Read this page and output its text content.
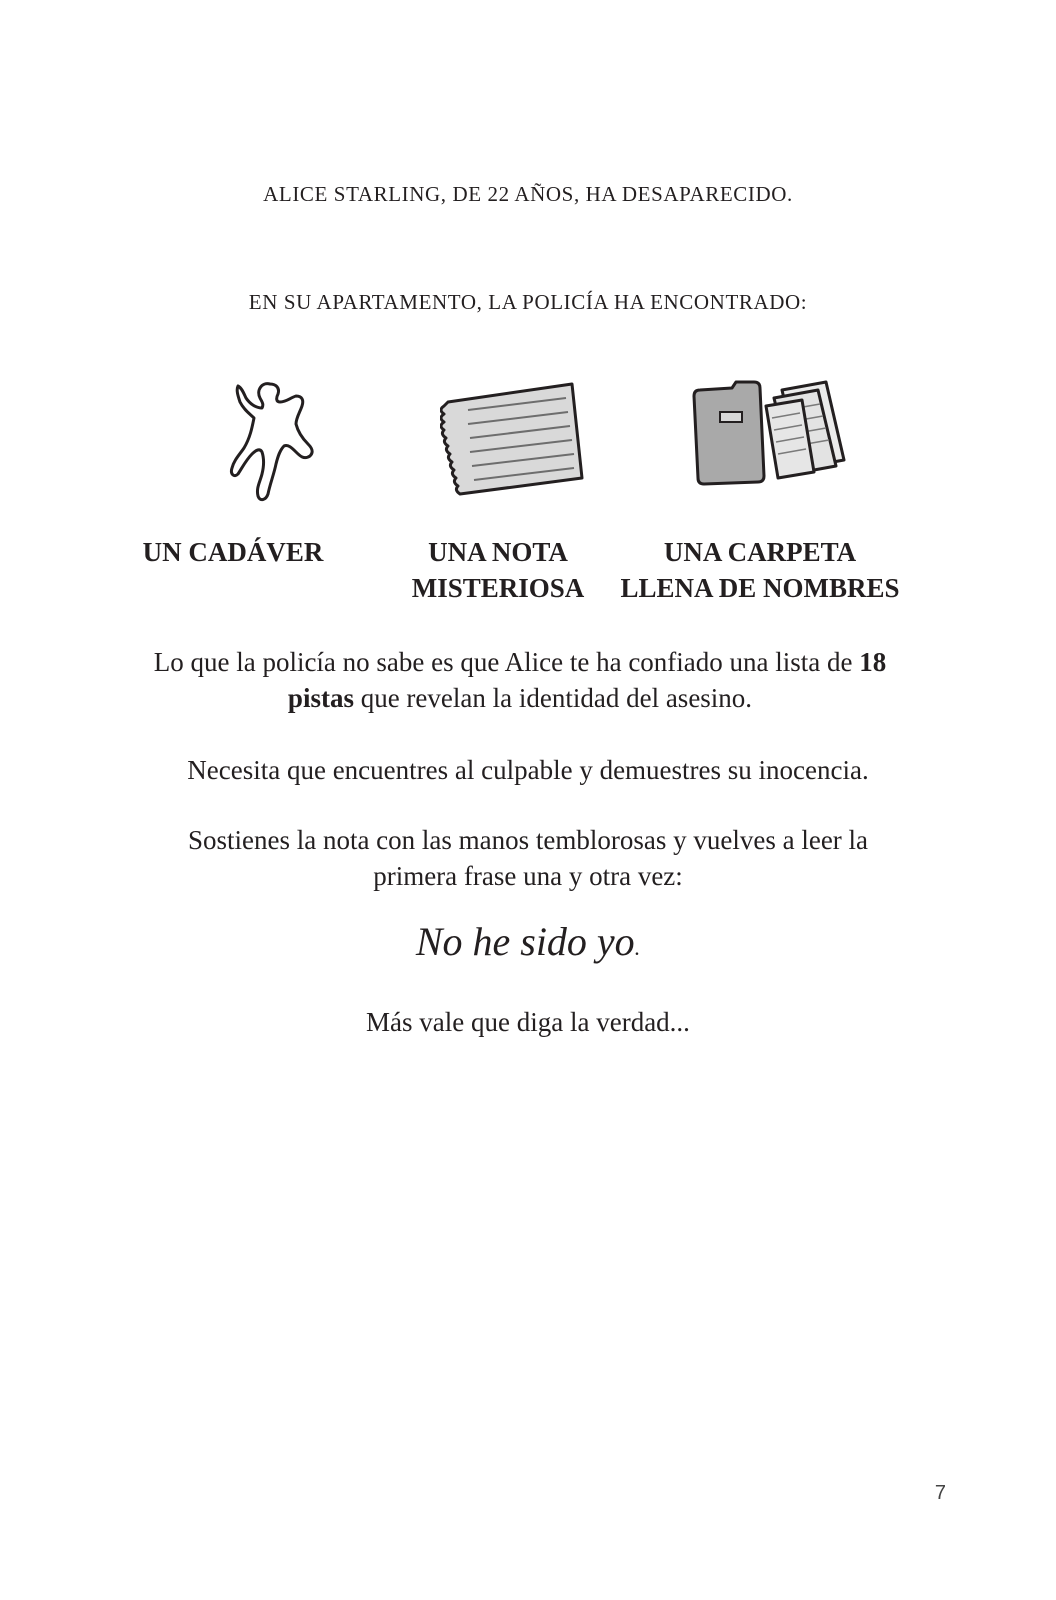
ALICE STARLING, DE 22 AÑOS, HA DESAPARECIDO.
EN SU APARTAMENTO, LA POLICÍA HA ENCONTRADO:
UN CADÁVER	UNA NOTA
MISTERIOSA
UNA CARPETA
LLENA DE NOMBRES
Lo que la policía no sabe es que Alice te ha confiado una lista de 18
pistas que revelan la identidad del asesino.
Necesita que encuentres al culpable y demuestres su inocencia.
Sostienes la nota con las manos temblorosas y vuelves a leer la
primera frase una y otra vez:
No he sido yo.
Más vale que diga la verdad...
7
